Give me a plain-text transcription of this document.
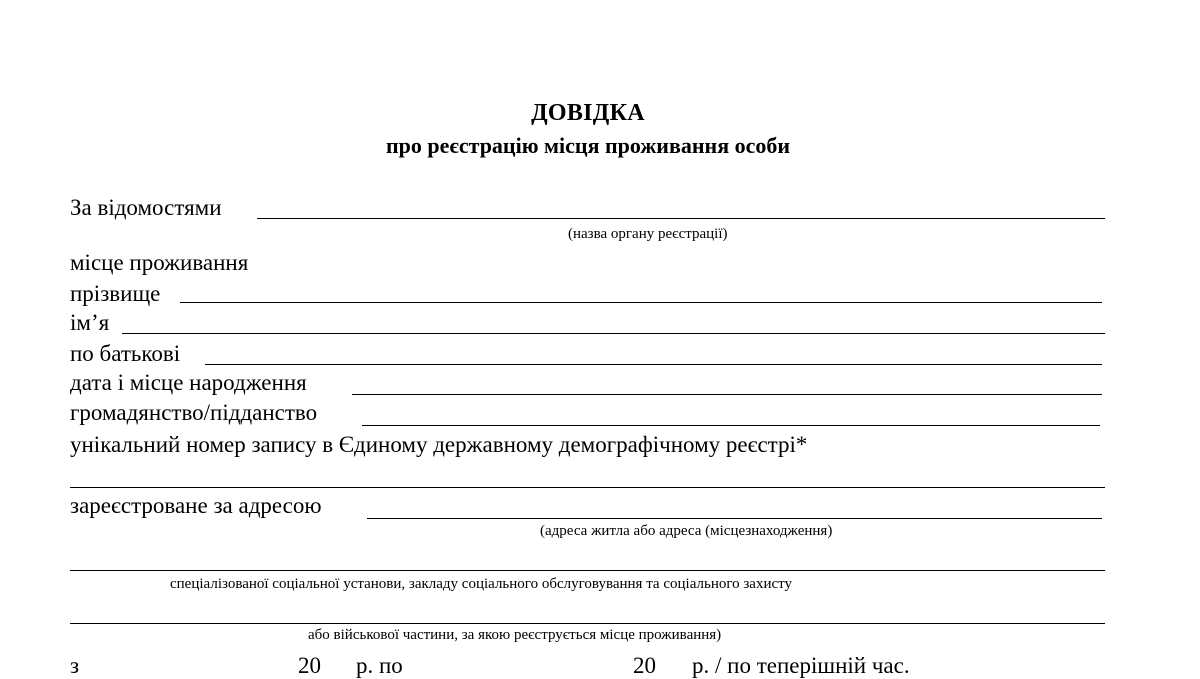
ДОВІДКА
про реєстрацію місця проживання особи
За відомостями
(назва органу реєстрації)
місце проживання
прізвище
ім’я
по батькові
дата і місце народження
громадянство/підданство
унікальний номер запису в Єдиному державному демографічному реєстрі*
зареєстроване за адресою
(адреса житла або адреса (місцезнаходження)
спеціалізованої соціальної установи, закладу соціального обслуговування та соціального захисту
або військової частини, за якою реєструється місце проживання)
з	20 р. по	20 р. / по теперішній час.
